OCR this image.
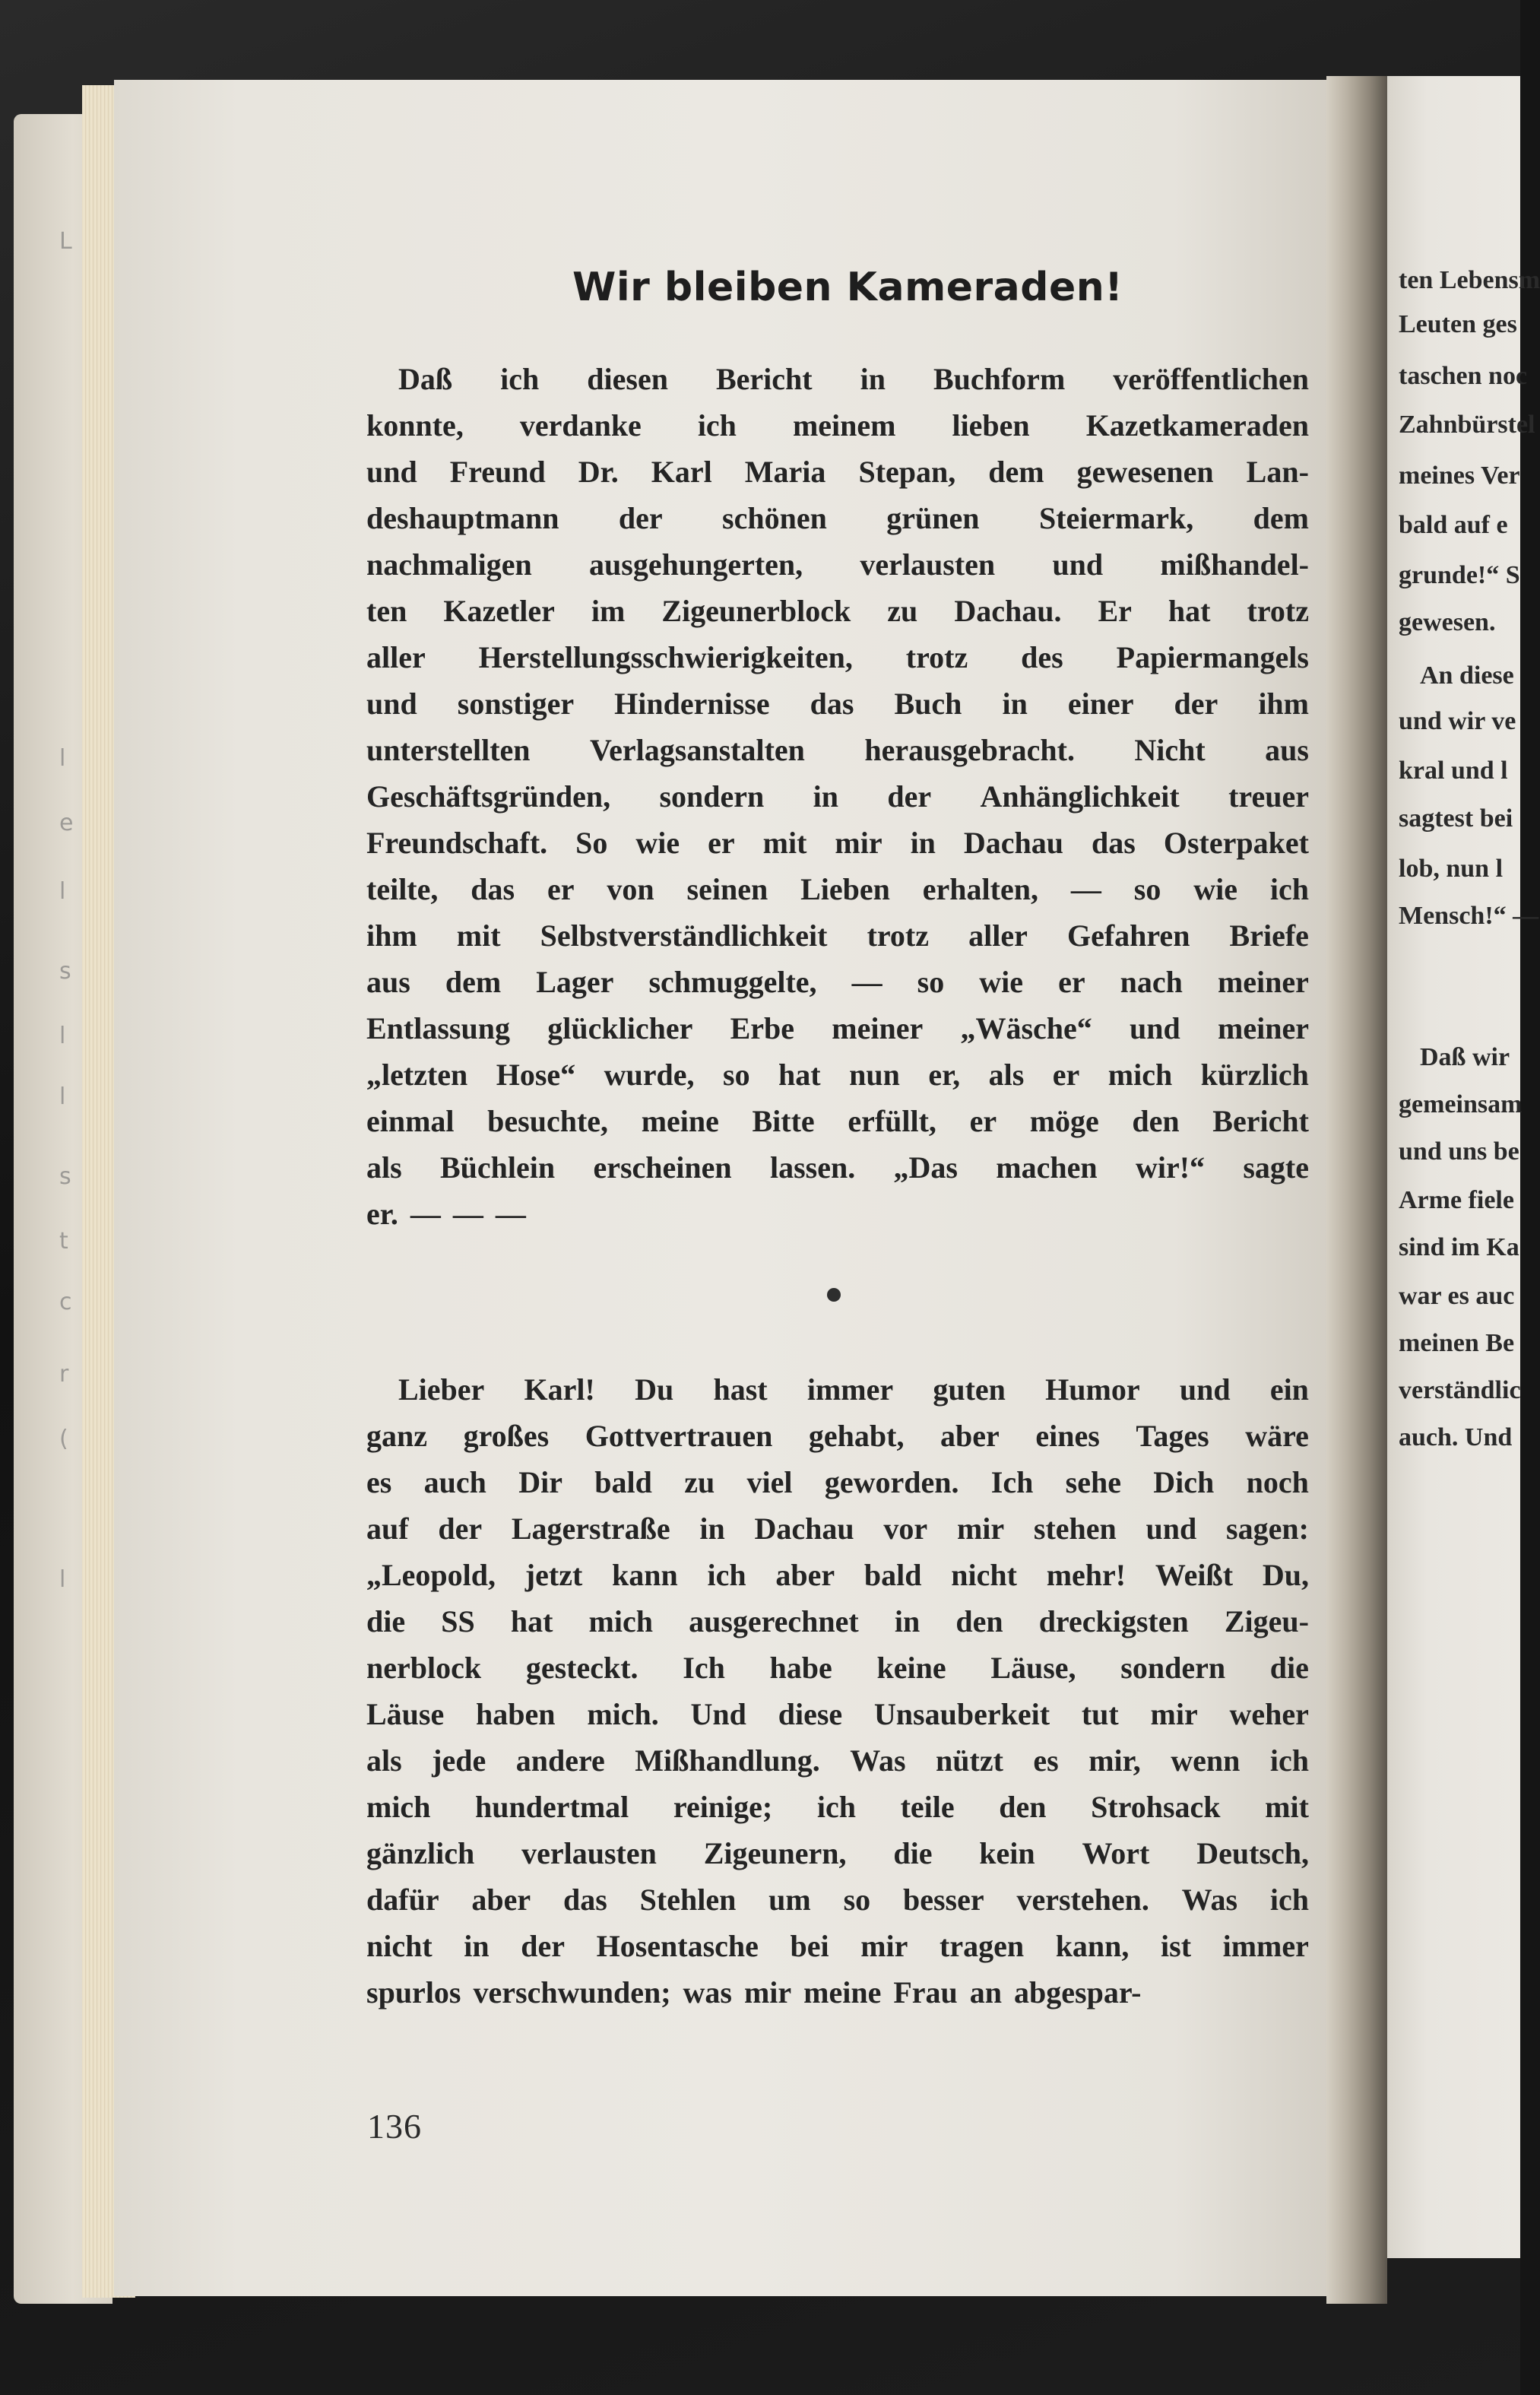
L
l
e
l
s
l
l
s
t
c
r
(
l
Wir bleiben Kameraden!
Daß ich diesen Bericht in Buchform veröffentlichen
konnte, verdanke ich meinem lieben Kazetkameraden
und Freund Dr. Karl Maria Stepan, dem gewesenen Lan-
deshauptmann der schönen grünen Steiermark, dem
nachmaligen ausgehungerten, verlausten und mißhandel-
ten Kazetler im Zigeunerblock zu Dachau. Er hat trotz
aller Herstellungsschwierigkeiten, trotz des Papiermangels
und sonstiger Hindernisse das Buch in einer der ihm
unterstellten Verlagsanstalten herausgebracht. Nicht aus
Geschäftsgründen, sondern in der Anhänglichkeit treuer
Freundschaft. So wie er mit mir in Dachau das Osterpaket
teilte, das er von seinen Lieben erhalten, — so wie ich
ihm mit Selbstverständlichkeit trotz aller Gefahren Briefe
aus dem Lager schmuggelte, — so wie er nach meiner
Entlassung glücklicher Erbe meiner „Wäsche“ und meiner
„letzten Hose“ wurde, so hat nun er, als er mich kürzlich
einmal besuchte, meine Bitte erfüllt, er möge den Bericht
als Büchlein erscheinen lassen. „Das machen wir!“ sagte
er. — — —
Lieber Karl! Du hast immer guten Humor und ein
ganz großes Gottvertrauen gehabt, aber eines Tages wäre
es auch Dir bald zu viel geworden. Ich sehe Dich noch
auf der Lagerstraße in Dachau vor mir stehen und sagen:
„Leopold, jetzt kann ich aber bald nicht mehr! Weißt Du,
die SS hat mich ausgerechnet in den dreckigsten Zigeu-
nerblock gesteckt. Ich habe keine Läuse, sondern die
Läuse haben mich. Und diese Unsauberkeit tut mir weher
als jede andere Mißhandlung. Was nützt es mir, wenn ich
mich hundertmal reinige; ich teile den Strohsack mit
gänzlich verlausten Zigeunern, die kein Wort Deutsch,
dafür aber das Stehlen um so besser verstehen. Was ich
nicht in der Hosentasche bei mir tragen kann, ist immer
spurlos verschwunden; was mir meine Frau an abgespar-
136
ten Lebensm
Leuten ges
taschen noc
Zahnbürstel
meines Ver
bald auf e
grunde!“ S
gewesen.
An diese
und wir ve
kral und l
sagtest bei
lob, nun l
Mensch!“ —
Daß wir
gemeinsam
und uns be
Arme fiele
sind im Ka
war es auc
meinen Be
verständlic
auch. Und
